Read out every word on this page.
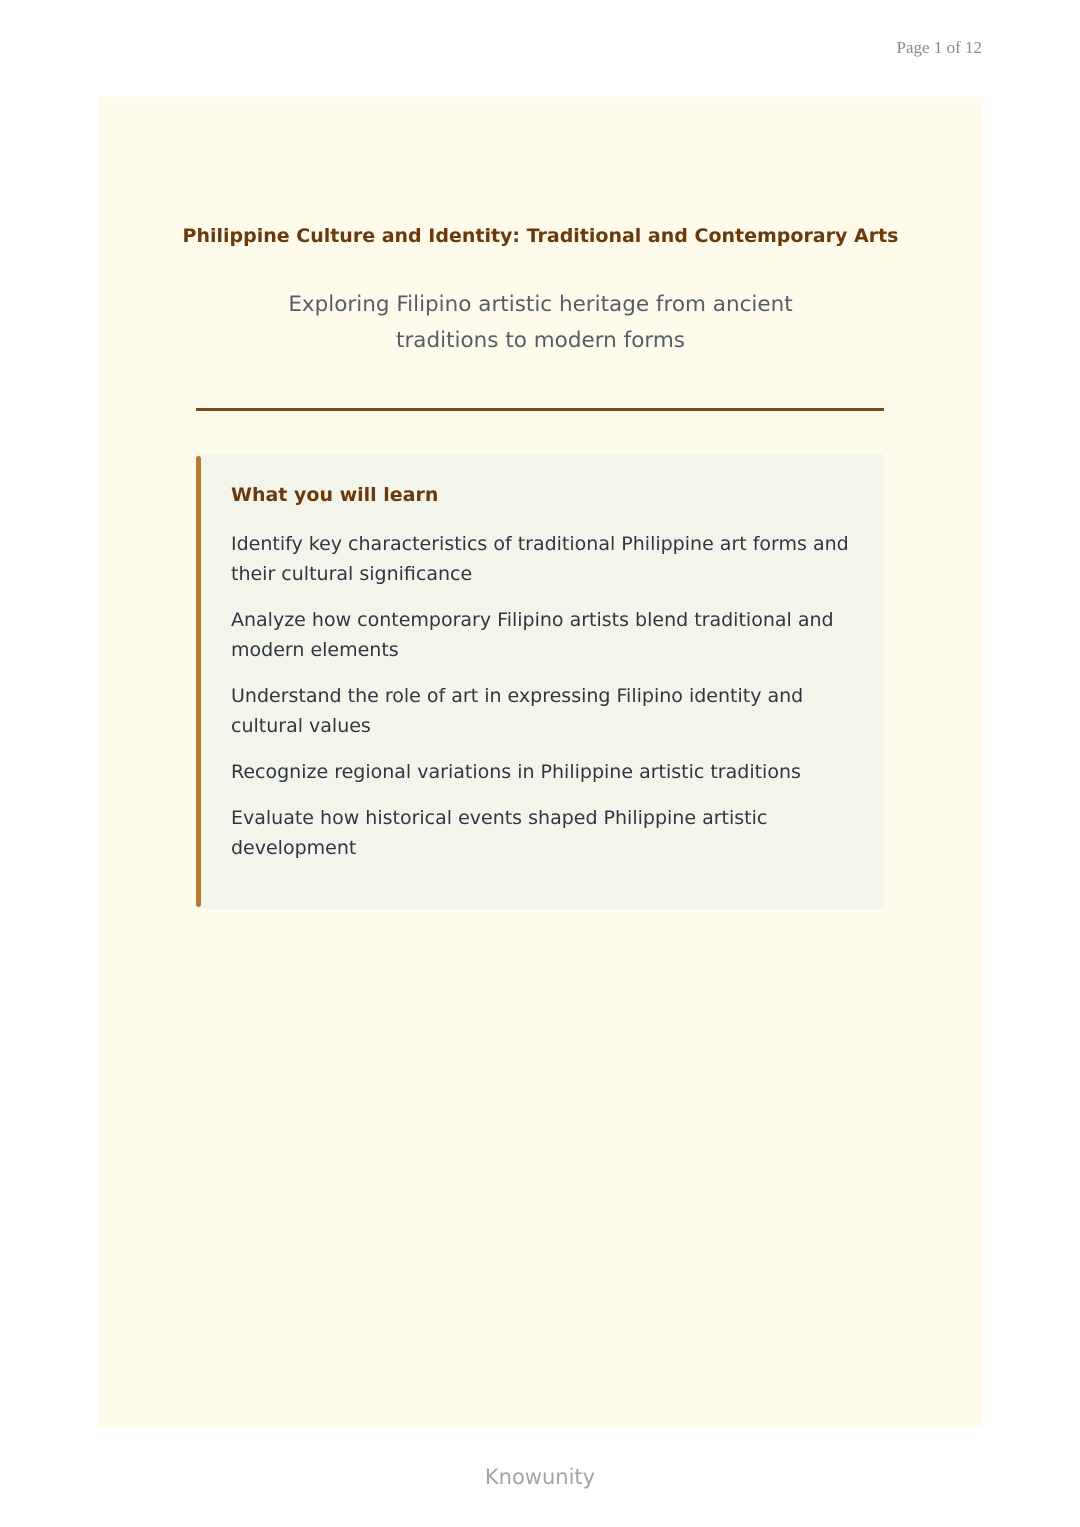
Page 1 of 12
Philippine Culture and Identity: Traditional and Contemporary Arts
Exploring Filipino artistic heritage from ancient traditions to modern forms
What you will learn
Identify key characteristics of traditional Philippine art forms and their cultural significance
Analyze how contemporary Filipino artists blend traditional and modern elements
Understand the role of art in expressing Filipino identity and cultural values
Recognize regional variations in Philippine artistic traditions
Evaluate how historical events shaped Philippine artistic development
Knowunity
